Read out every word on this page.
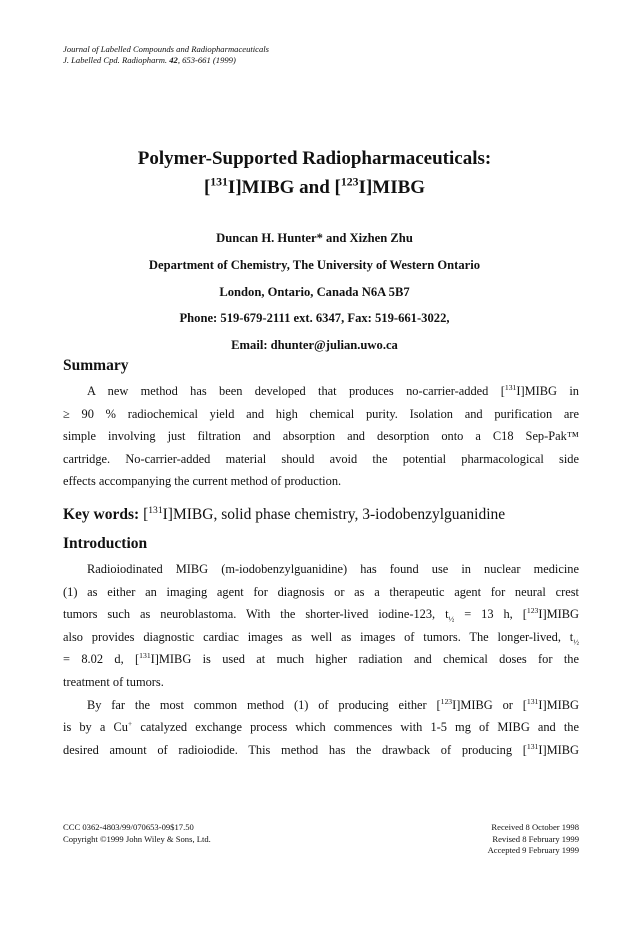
Journal of Labelled Compounds and Radiopharmaceuticals
J. Labelled Cpd. Radiopharm. 42, 653-661 (1999)
Polymer-Supported Radiopharmaceuticals:
[$^{131}$I]MIBG and [$^{123}$I]MIBG
Duncan H. Hunter* and Xizhen Zhu
Department of Chemistry, The University of Western Ontario
London, Ontario, Canada N6A 5B7
Phone: 519-679-2111 ext. 6347, Fax: 519-661-3022,
Email: dhunter@julian.uwo.ca
Summary
A new method has been developed that produces no-carrier-added [$^{131}$I]MIBG in
≥ 90 % radiochemical yield and high chemical purity. Isolation and purification are
simple involving just filtration and absorption and desorption onto a C18 Sep-Pak™
cartridge. No-carrier-added material should avoid the potential pharmacological side
effects accompanying the current method of production.
Key words: [$^{131}$I]MIBG, solid phase chemistry, 3-iodobenzylguanidine
Introduction
Radioiodinated MIBG (m-iodobenzylguanidine) has found use in nuclear medicine
(1) as either an imaging agent for diagnosis or as a therapeutic agent for neural crest
tumors such as neuroblastoma. With the shorter-lived iodine-123, $t_{\frac{1}{2}} = 13$ h, [$^{123}$I]MIBG
also provides diagnostic cardiac images as well as images of tumors. The longer-lived, $t_{\frac{1}{2}}$
= 8.02 d, [$^{131}$I]MIBG is used at much higher radiation and chemical doses for the
treatment of tumors.
By far the most common method (1) of producing either [$^{123}$I]MIBG or [$^{131}$I]MIBG
is by a Cu+ catalyzed exchange process which commences with 1-5 mg of MIBG and the
desired amount of radioiodide. This method has the drawback of producing [$^{131}$I]MIBG
CCC 0362-4803/99/070653-09$17.50
Copyright ©1999 John Wiley & Sons, Ltd.
Received 8 October 1998
Revised 8 February 1999
Accepted 9 February 1999
